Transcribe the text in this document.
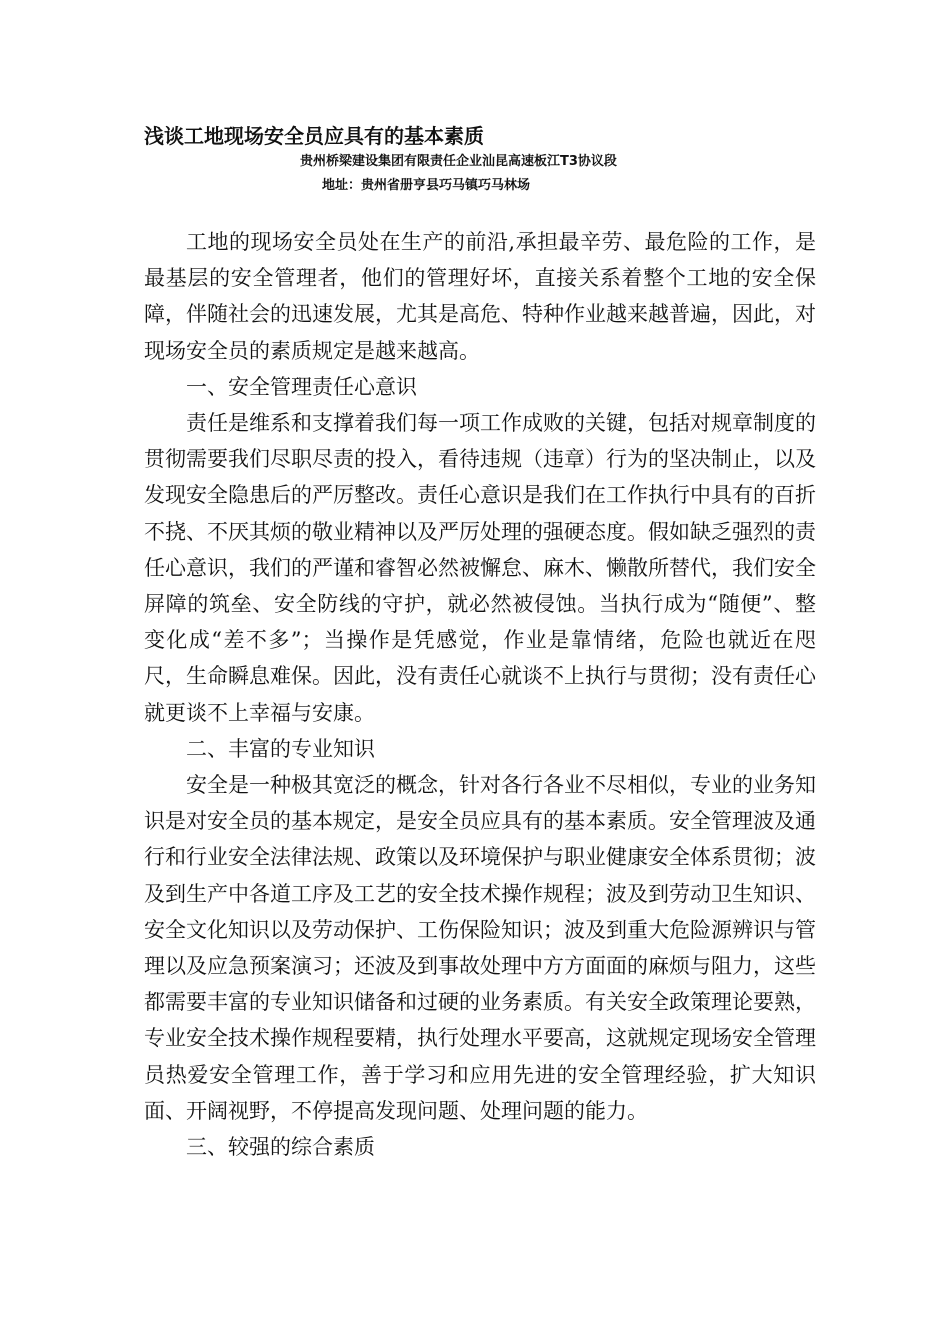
浅谈工地现场安全员应具有的基本素质
贵州桥梁建设集团有限责任企业汕昆高速板江T3协议段
地址：贵州省册亨县巧马镇巧马林场

工地的现场安全员处在生产的前沿,承担最辛劳、最危险的工作，是最基层的安全管理者，他们的管理好坏，直接关系着整个工地的安全保障，伴随社会的迅速发展，尤其是高危、特种作业越来越普遍，因此，对现场安全员的素质规定是越来越高。

一、安全管理责任心意识

责任是维系和支撑着我们每一项工作成败的关键，包括对规章制度的贯彻需要我们尽职尽责的投入，看待违规（违章）行为的坚决制止，以及发现安全隐患后的严厉整改。责任心意识是我们在工作执行中具有的百折不挠、不厌其烦的敬业精神以及严厉处理的强硬态度。假如缺乏强烈的责任心意识，我们的严谨和睿智必然被懈怠、麻木、懒散所替代，我们安全屏障的筑垒、安全防线的守护，就必然被侵蚀。当执行成为“随便”、整变化成“差不多”；当操作是凭感觉，作业是靠情绪，危险也就近在咫尺，生命瞬息难保。因此，没有责任心就谈不上执行与贯彻；没有责任心就更谈不上幸福与安康。

二、丰富的专业知识

安全是一种极其宽泛的概念，针对各行各业不尽相似，专业的业务知识是对安全员的基本规定，是安全员应具有的基本素质。安全管理波及通行和行业安全法律法规、政策以及环境保护与职业健康安全体系贯彻；波及到生产中各道工序及工艺的安全技术操作规程；波及到劳动卫生知识、安全文化知识以及劳动保护、工伤保险知识；波及到重大危险源辨识与管理以及应急预案演习；还波及到事故处理中方方面面的麻烦与阻力，这些都需要丰富的专业知识储备和过硬的业务素质。有关安全政策理论要熟，专业安全技术操作规程要精，执行处理水平要高，这就规定现场安全管理员热爱安全管理工作，善于学习和应用先进的安全管理经验，扩大知识面、开阔视野，不停提高发现问题、处理问题的能力。

三、较强的综合素质
